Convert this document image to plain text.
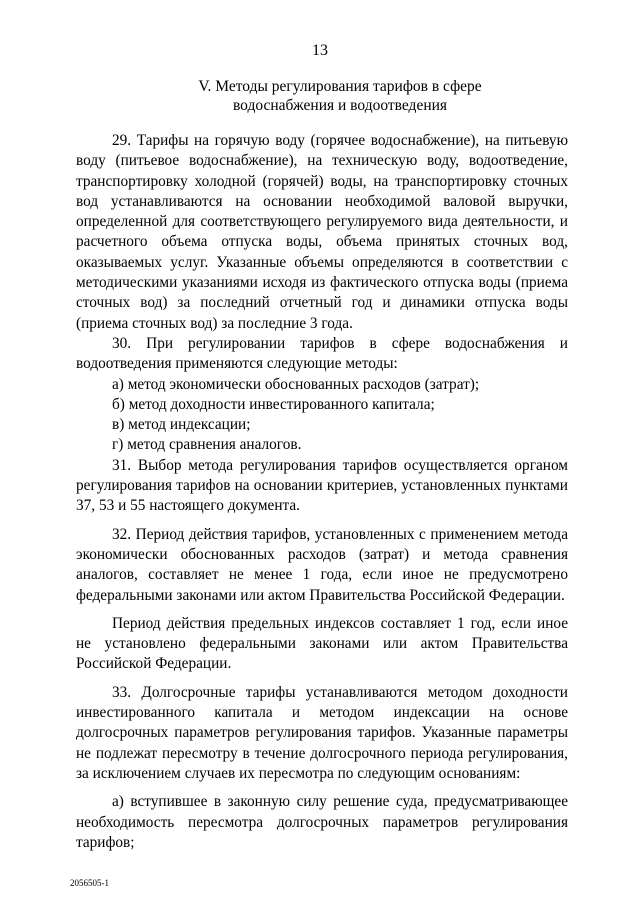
13
V. Методы регулирования тарифов в сфере
водоснабжения и водоотведения

29. Тарифы на горячую воду (горячее водоснабжение), на питьевую воду (питьевое водоснабжение), на техническую воду, водоотведение, транспортировку холодной (горячей) воды, на транспортировку сточных вод устанавливаются на основании необходимой валовой выручки, определенной для соответствующего регулируемого вида деятельности, и расчетного объема отпуска воды, объема принятых сточных вод, оказываемых услуг. Указанные объемы определяются в соответствии с методическими указаниями исходя из фактического отпуска воды (приема сточных вод) за последний отчетный год и динамики отпуска воды (приема сточных вод) за последние 3 года.

30. При регулировании тарифов в сфере водоснабжения и водоотведения применяются следующие методы:

а) метод экономически обоснованных расходов (затрат);

б) метод доходности инвестированного капитала;

в) метод индексации;

г) метод сравнения аналогов.

31. Выбор метода регулирования тарифов осуществляется органом регулирования тарифов на основании критериев, установленных пунктами 37, 53 и 55 настоящего документа.

32. Период действия тарифов, установленных с применением метода экономически обоснованных расходов (затрат) и метода сравнения аналогов, составляет не менее 1 года, если иное не предусмотрено федеральными законами или актом Правительства Российской Федерации.

Период действия предельных индексов составляет 1 год, если иное не установлено федеральными законами или актом Правительства Российской Федерации.

33. Долгосрочные тарифы устанавливаются методом доходности инвестированного капитала и методом индексации на основе долгосрочных параметров регулирования тарифов. Указанные параметры не подлежат пересмотру в течение долгосрочного периода регулирования, за исключением случаев их пересмотра по следующим основаниям:

а) вступившее в законную силу решение суда, предусматривающее необходимость пересмотра долгосрочных параметров регулирования тарифов;

2056505-1
